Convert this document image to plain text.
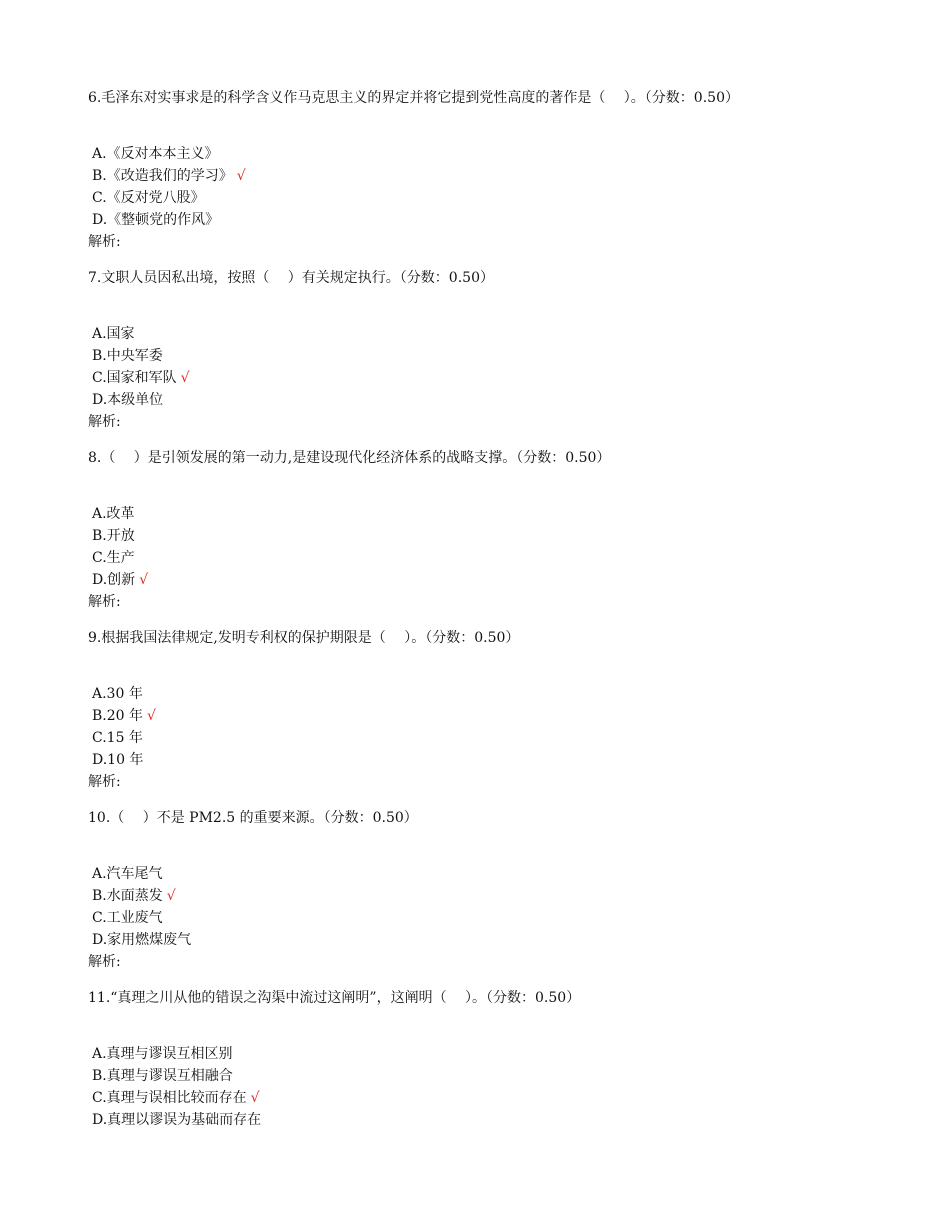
6.毛泽东对实事求是的科学含义作马克思主义的界定并将它提到党性高度的著作是（　 ）。（分数：0.50）

A.《反对本本主义》
B.《改造我们的学习》 √
C.《反对党八股》
D.《整顿党的作风》

解析:

7.文职人员因私出境，按照（　 ）有关规定执行。（分数：0.50）

A.国家
B.中央军委
C.国家和军队 √
D.本级单位

解析:

8.（　 ）是引领发展的第一动力,是建设现代化经济体系的战略支撑。（分数：0.50）

A.改革
B.开放
C.生产
D.创新 √

解析:

9.根据我国法律规定,发明专利权的保护期限是（　 ）。（分数：0.50）

A.30 年
B.20 年 √
C.15 年
D.10 年

解析:

10.（　 ）不是 PM2.5 的重要来源。（分数：0.50）

A.汽车尾气
B.水面蒸发 √
C.工业废气
D.家用燃煤废气

解析:

11.“真理之川从他的错误之沟渠中流过这阐明”，这阐明（　 ）。（分数：0.50）

A.真理与谬误互相区别
B.真理与谬误互相融合
C.真理与误相比较而存在 √
D.真理以谬误为基础而存在
